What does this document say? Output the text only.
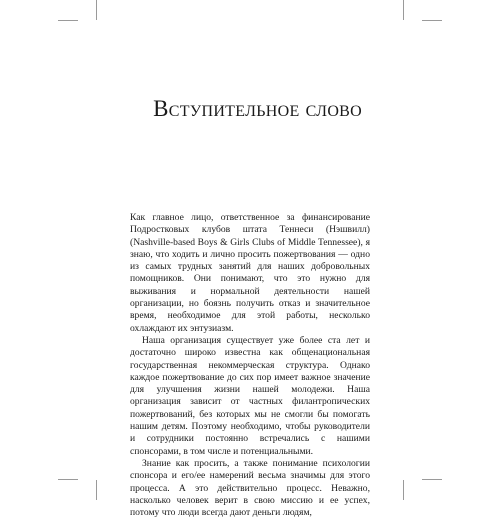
Вступительное слово

Как главное лицо, ответственное за финансирование Подростковых клубов штата Теннеси (Нэшвилл) (Nashville-based Boys & Girls Clubs of Middle Tennessee), я знаю, что ходить и лично просить пожертвования — одно из самых трудных занятий для наших добровольных помощников. Они понимают, что это нужно для выживания и нормальной деятельности нашей организации, но боязнь получить отказ и значительное время, необходимое для этой работы, несколько охлаждают их энтузиазм.

Наша организация существует уже более ста лет и достаточно широко известна как общенациональная государственная некоммерческая структура. Однако каждое пожертвование до сих пор имеет важное значение для улучшения жизни нашей молодежи. Наша организация зависит от частных филантропических пожертвований, без которых мы не смогли бы помогать нашим детям. Поэтому необходимо, чтобы руководители и сотрудники постоянно встречались с нашими спонсорами, в том числе и потенциальными.

Знание как просить, а также понимание психологии спонсора и его/ее намерений весьма значимы для этого процесса. А это действительно процесс. Неважно, насколько человек верит в свою миссию и ее успех, потому что люди всегда дают деньги людям,
